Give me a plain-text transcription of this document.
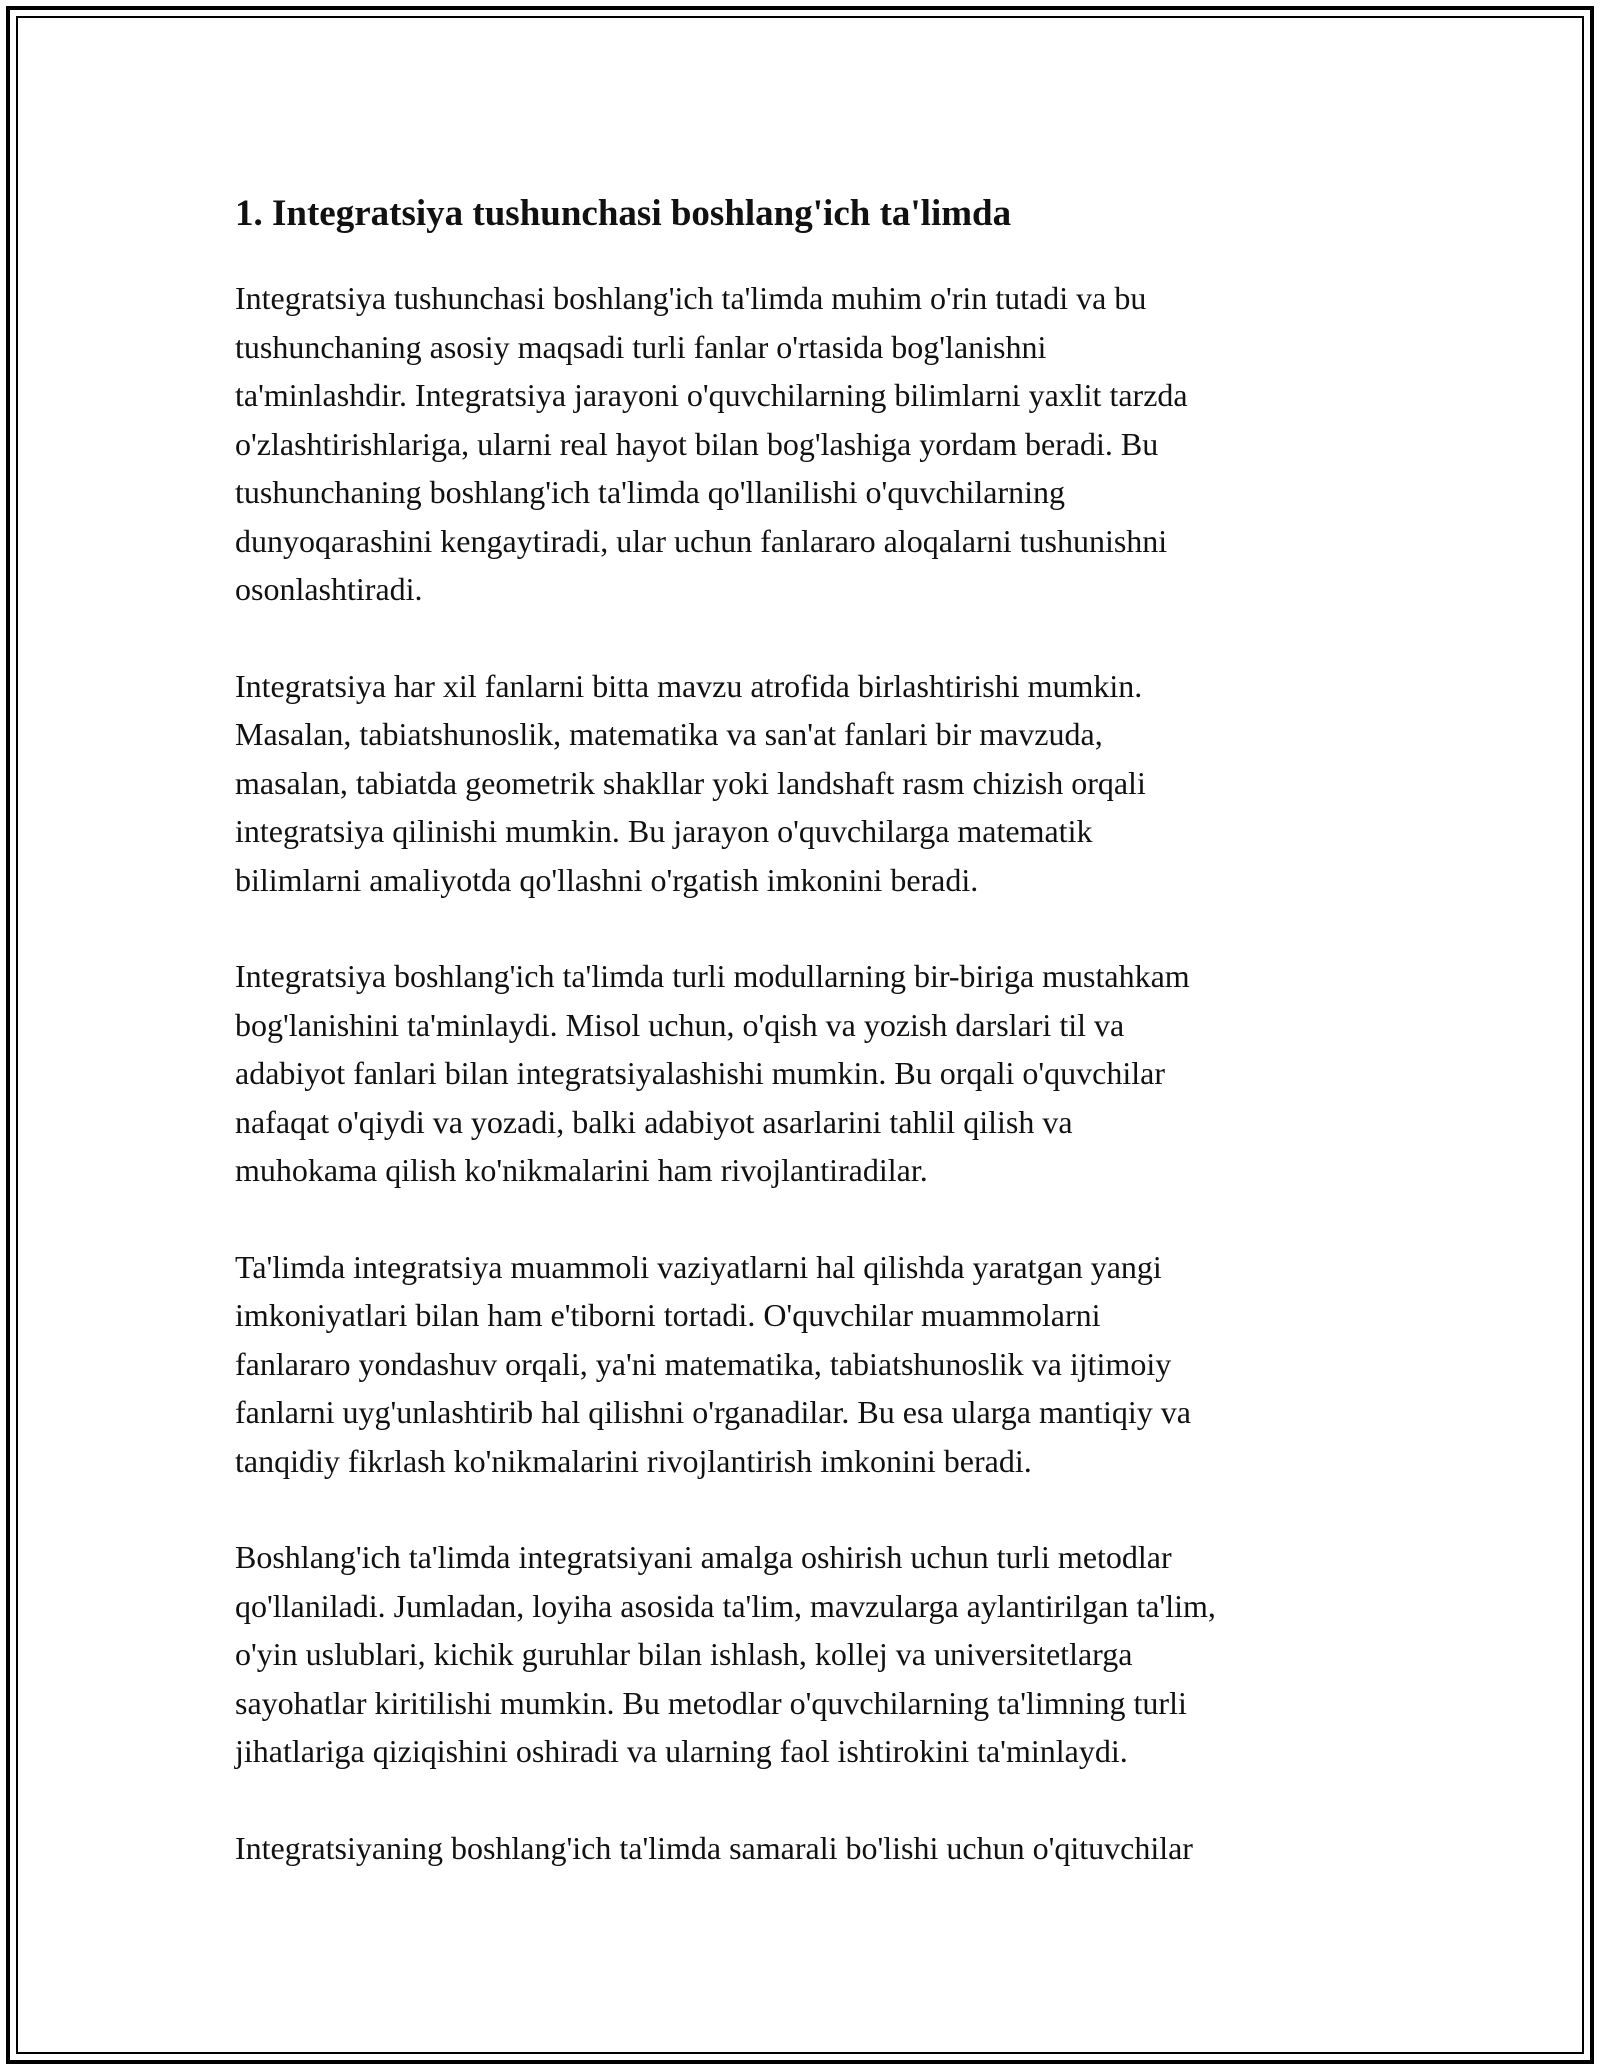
1. Integratsiya tushunchasi boshlang'ich ta'limda
Integratsiya tushunchasi boshlang'ich ta'limda muhim o'rin tutadi va bu
tushunchaning asosiy maqsadi turli fanlar o'rtasida bog'lanishni
ta'minlashdir. Integratsiya jarayoni o'quvchilarning bilimlarni yaxlit tarzda
o'zlashtirishlariga, ularni real hayot bilan bog'lashiga yordam beradi. Bu
tushunchaning boshlang'ich ta'limda qo'llanilishi o'quvchilarning
dunyoqarashini kengaytiradi, ular uchun fanlararo aloqalarni tushunishni
osonlashtiradi.
Integratsiya har xil fanlarni bitta mavzu atrofida birlashtirishi mumkin.
Masalan, tabiatshunoslik, matematika va san'at fanlari bir mavzuda,
masalan, tabiatda geometrik shakllar yoki landshaft rasm chizish orqali
integratsiya qilinishi mumkin. Bu jarayon o'quvchilarga matematik
bilimlarni amaliyotda qo'llashni o'rgatish imkonini beradi.
Integratsiya boshlang'ich ta'limda turli modullarning bir-biriga mustahkam
bog'lanishini ta'minlaydi. Misol uchun, o'qish va yozish darslari til va
adabiyot fanlari bilan integratsiyalashishi mumkin. Bu orqali o'quvchilar
nafaqat o'qiydi va yozadi, balki adabiyot asarlarini tahlil qilish va
muhokama qilish ko'nikmalarini ham rivojlantiradilar.
Ta'limda integratsiya muammoli vaziyatlarni hal qilishda yaratgan yangi
imkoniyatlari bilan ham e'tiborni tortadi. O'quvchilar muammolarni
fanlararo yondashuv orqali, ya'ni matematika, tabiatshunoslik va ijtimoiy
fanlarni uyg'unlashtirib hal qilishni o'rganadilar. Bu esa ularga mantiqiy va
tanqidiy fikrlash ko'nikmalarini rivojlantirish imkonini beradi.
Boshlang'ich ta'limda integratsiyani amalga oshirish uchun turli metodlar
qo'llaniladi. Jumladan, loyiha asosida ta'lim, mavzularga aylantirilgan ta'lim,
o'yin uslublari, kichik guruhlar bilan ishlash, kollej va universitetlarga
sayohatlar kiritilishi mumkin. Bu metodlar o'quvchilarning ta'limning turli
jihatlariga qiziqishini oshiradi va ularning faol ishtirokini ta'minlaydi.
Integratsiyaning boshlang'ich ta'limda samarali bo'lishi uchun o'qituvchilar
